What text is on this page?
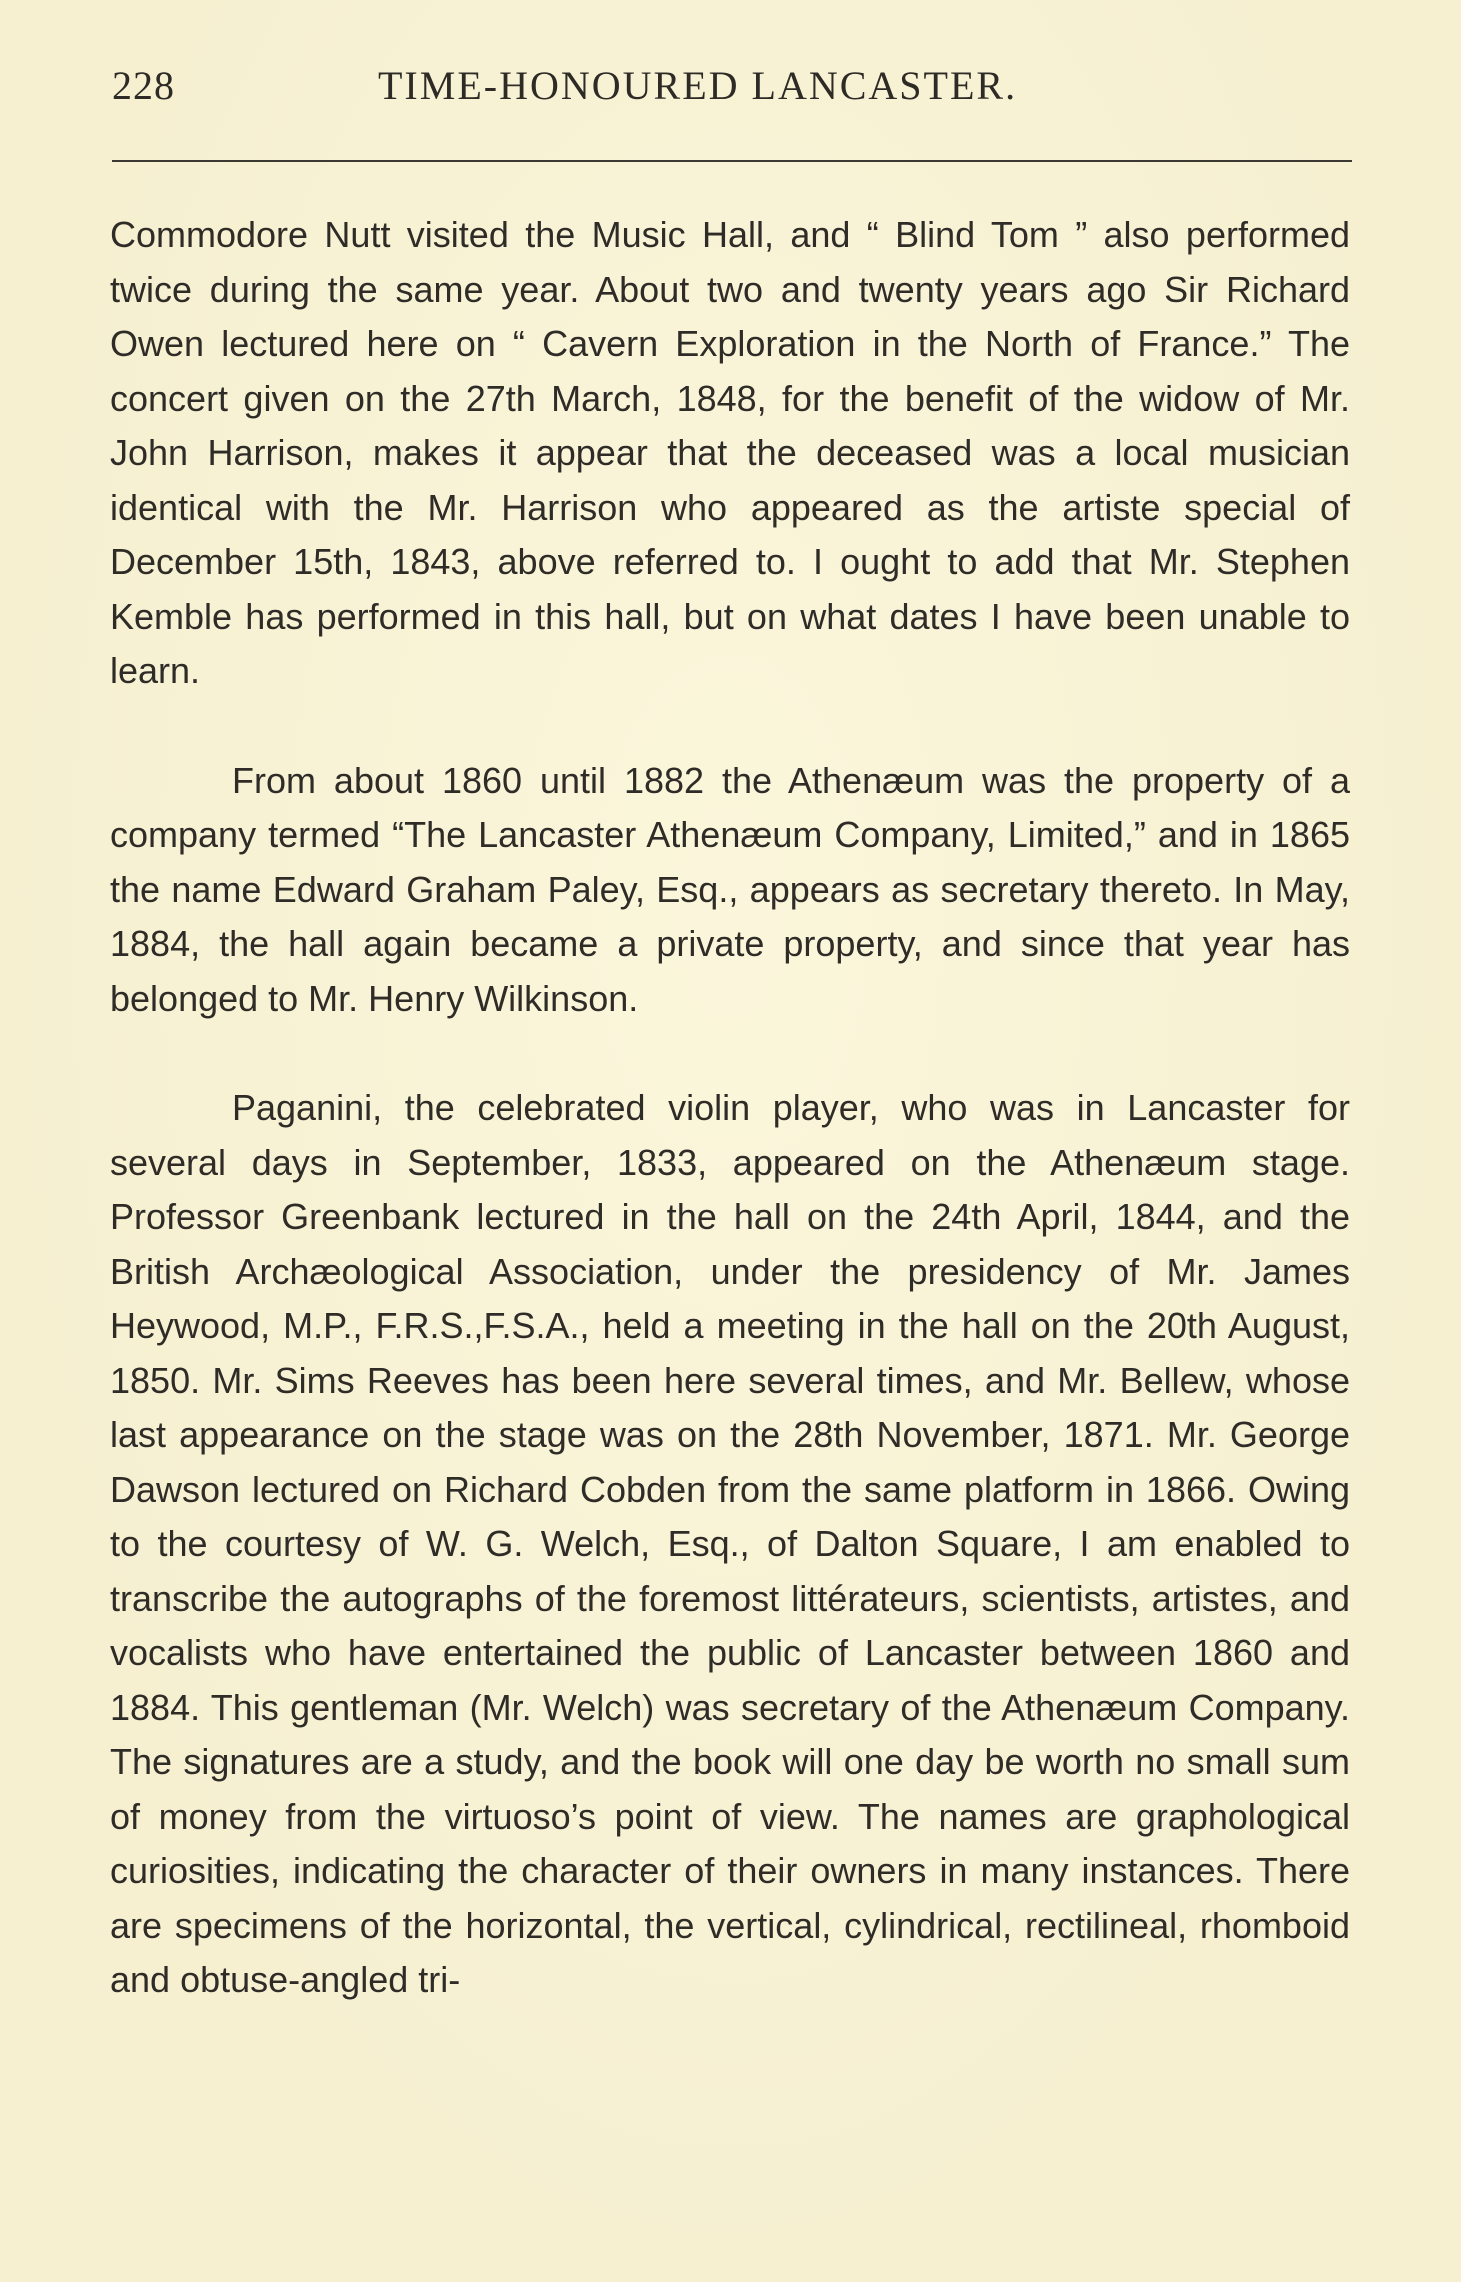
228	TIME-HONOURED LANCASTER.

Commodore Nutt visited the Music Hall, and “ Blind Tom ” also performed twice during the same year. About two and twenty years ago Sir Richard Owen lectured here on “ Cavern Exploration in the North of France.” The concert given on the 27th March, 1848, for the benefit of the widow of Mr. John Harrison, makes it appear that the deceased was a local musician identical with the Mr. Harrison who appeared as the artiste special of December 15th, 1843, above referred to. I ought to add that Mr. Stephen Kemble has performed in this hall, but on what dates I have been unable to learn.

From about 1860 until 1882 the Athenæum was the property of a company termed “The Lancaster Athenæum Company, Limited,” and in 1865 the name Edward Graham Paley, Esq., appears as secretary thereto. In May, 1884, the hall again became a private property, and since that year has belonged to Mr. Henry Wilkinson.

Paganini, the celebrated violin player, who was in Lancaster for several days in September, 1833, appeared on the Athenæum stage. Professor Greenbank lectured in the hall on the 24th April, 1844, and the British Archæological Association, under the presidency of Mr. James Heywood, M.P., F.R.S.,F.S.A., held a meeting in the hall on the 20th August, 1850. Mr. Sims Reeves has been here several times, and Mr. Bellew, whose last appearance on the stage was on the 28th November, 1871. Mr. George Dawson lectured on Richard Cobden from the same platform in 1866. Owing to the courtesy of W. G. Welch, Esq., of Dalton Square, I am enabled to transcribe the autographs of the foremost littérateurs, scientists, artistes, and vocalists who have entertained the public of Lancaster between 1860 and 1884. This gentleman (Mr. Welch) was secretary of the Athenæum Company. The signatures are a study, and the book will one day be worth no small sum of money from the virtuoso’s point of view. The names are graphological curiosities, indicating the character of their owners in many instances. There are specimens of the horizontal, the vertical, cylindrical, rectilineal, rhomboid and obtuse-angled tri-
